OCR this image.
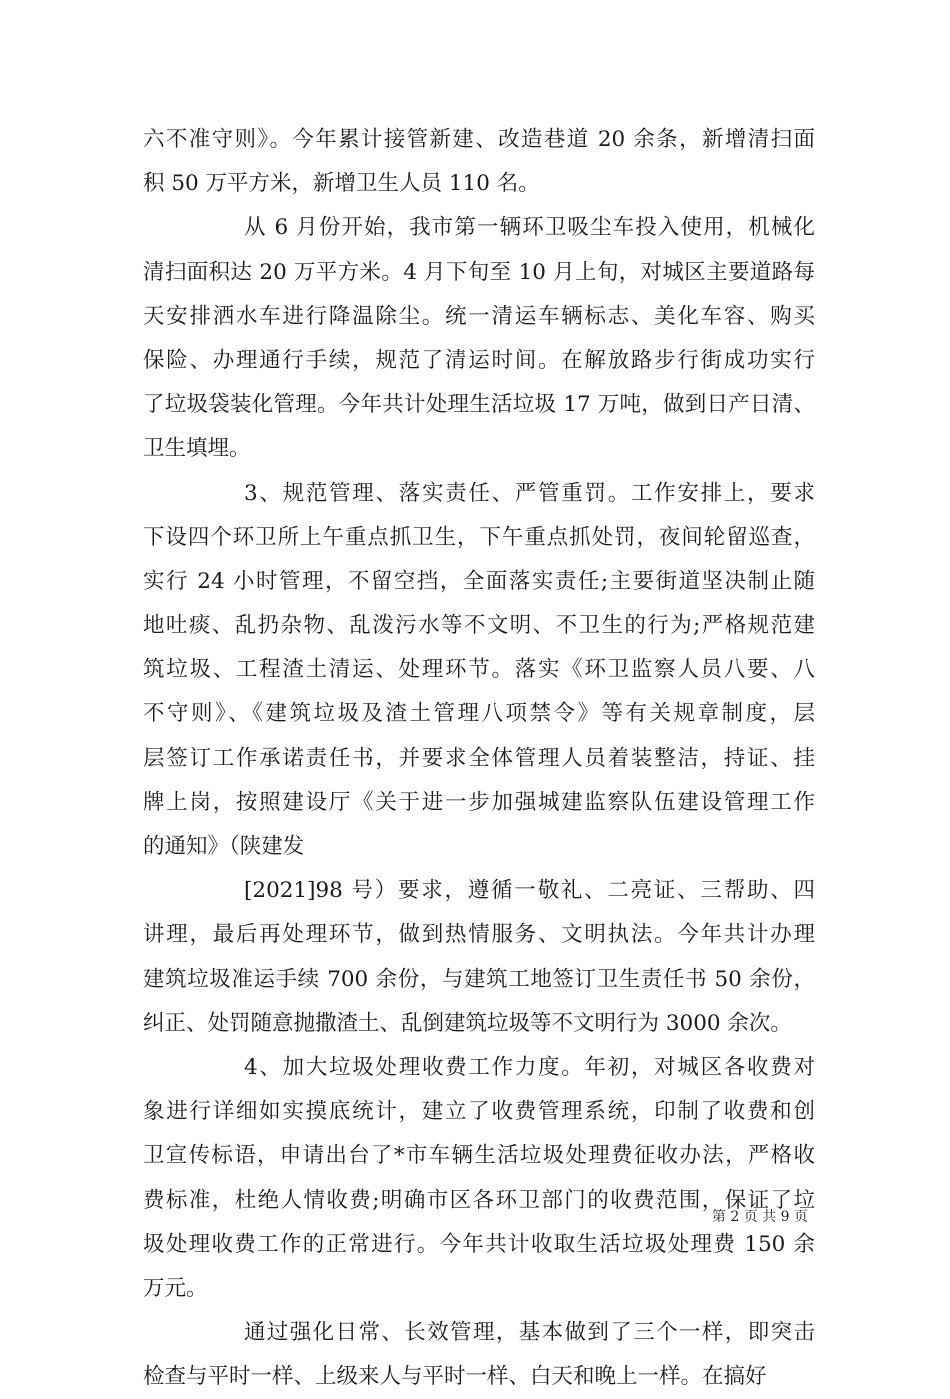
六不准守则》。今年累计接管新建、改造巷道 20 余条，新增清扫面
积 50 万平方米，新增卫生人员 110 名。
从 6 月份开始，我市第一辆环卫吸尘车投入使用，机械化
清扫面积达 20 万平方米。4 月下旬至 10 月上旬，对城区主要道路每
天安排洒水车进行降温除尘。统一清运车辆标志、美化车容、购买
保险、办理通行手续，规范了清运时间。在解放路步行街成功实行
了垃圾袋装化管理。今年共计处理生活垃圾 17 万吨，做到日产日清、
卫生填埋。
3、规范管理、落实责任、严管重罚。工作安排上，要求
下设四个环卫所上午重点抓卫生，下午重点抓处罚，夜间轮留巡查，
实行 24 小时管理，不留空挡，全面落实责任;主要街道坚决制止随
地吐痰、乱扔杂物、乱泼污水等不文明、不卫生的行为;严格规范建
筑垃圾、工程渣土清运、处理环节。落实《环卫监察人员八要、八
不守则》、《建筑垃圾及渣土管理八项禁令》等有关规章制度，层
层签订工作承诺责任书，并要求全体管理人员着装整洁，持证、挂
牌上岗，按照建设厅《关于进一步加强城建监察队伍建设管理工作
的通知》（陕建发
[2021]98 号）要求，遵循一敬礼、二亮证、三帮助、四
讲理，最后再处理环节，做到热情服务、文明执法。今年共计办理
建筑垃圾准运手续 700 余份，与建筑工地签订卫生责任书 50 余份，
纠正、处罚随意抛撒渣土、乱倒建筑垃圾等不文明行为 3000 余次。
4、加大垃圾处理收费工作力度。年初，对城区各收费对
象进行详细如实摸底统计，建立了收费管理系统，印制了收费和创
卫宣传标语，申请出台了*市车辆生活垃圾处理费征收办法，严格收
费标准，杜绝人情收费;明确市区各环卫部门的收费范围，保证了垃
圾处理收费工作的正常进行。今年共计收取生活垃圾处理费 150 余
万元。
通过强化日常、长效管理，基本做到了三个一样，即突击
检查与平时一样、上级来人与平时一样、白天和晚上一样。在搞好
第 2 页 共 9 页
